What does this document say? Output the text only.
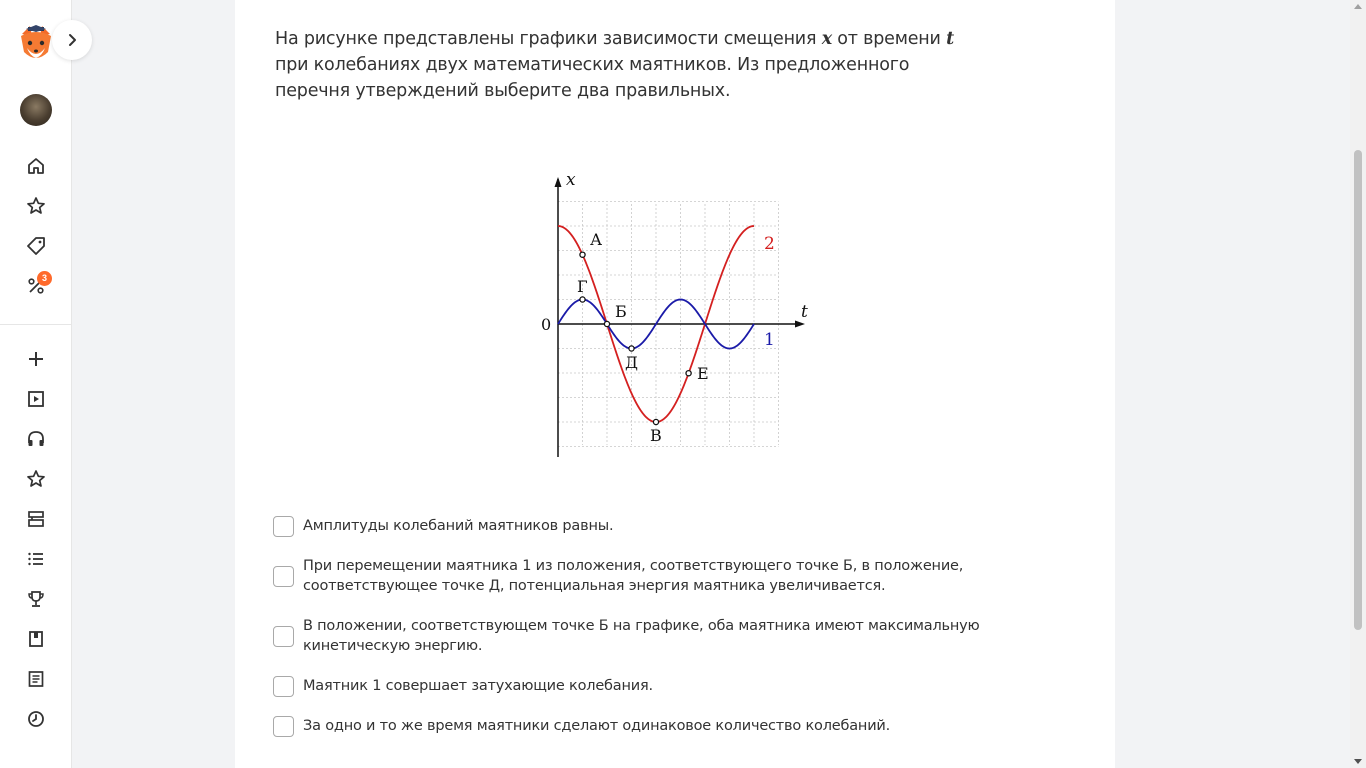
3
На рисунке представлены графики зависимости смещения x от времени t при колебаниях двух математических маятников. Из предложенного перечня утверждений выберите два правильных.
x
t
0
2
1
А
Г
Б
Д
Е
В
Амплитуды колебаний маятников равны.
При перемещении маятника 1 из положения, соответствующего точке Б, в положение, соответствующее точке Д, потенциальная энергия маятника увеличивается.
В положении, соответствующем точке Б на графике, оба маятника имеют максимальную кинетическую энергию.
Маятник 1 совершает затухающие колебания.
За одно и то же время маятники сделают одинаковое количество колебаний.
